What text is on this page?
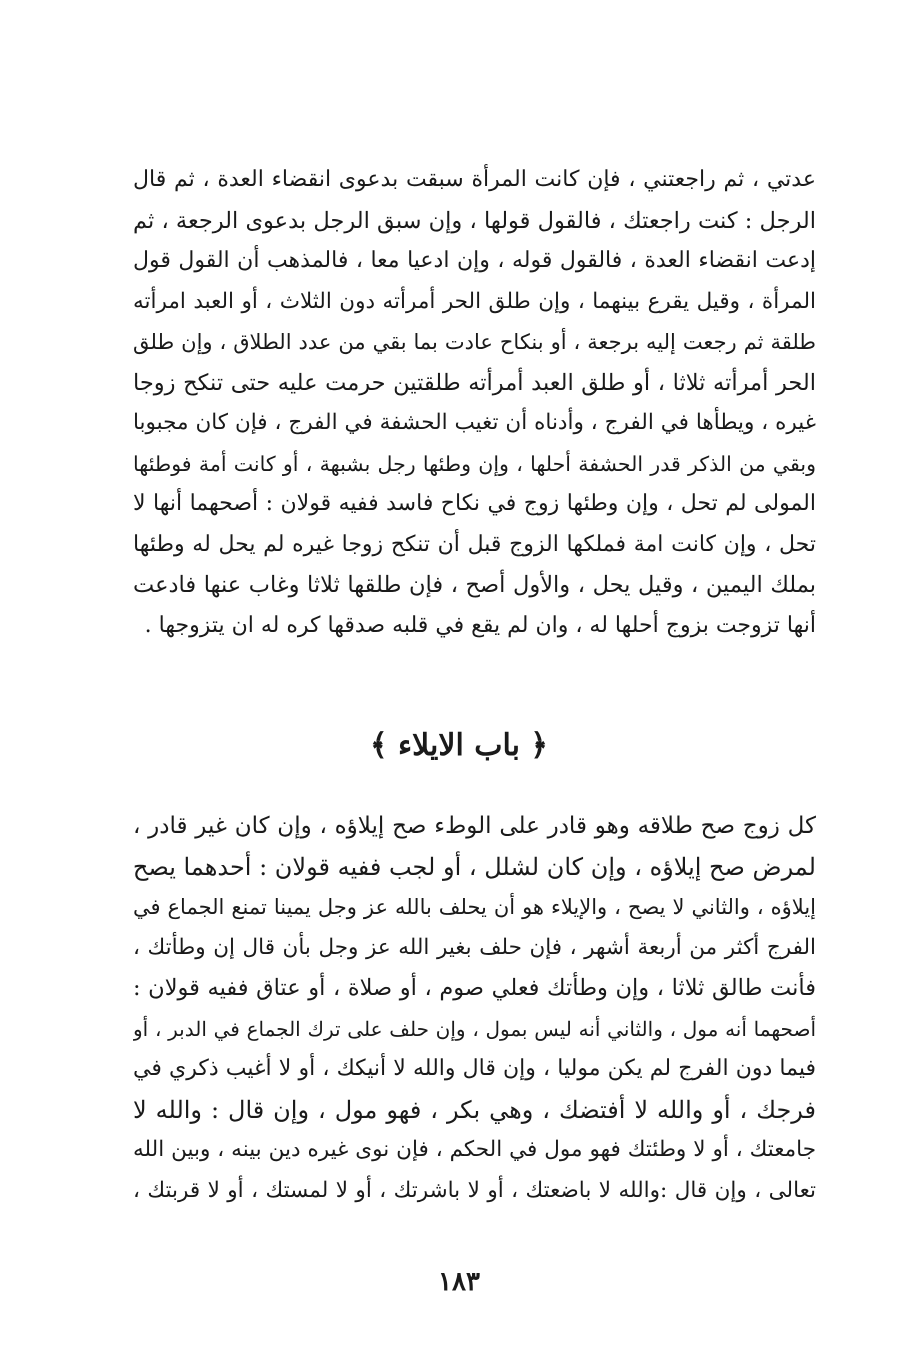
عدتي ، ثم راجعتني ، فإن كانت المرأة سبقت بدعوى انقضاء العدة ، ثم قال
الرجل : كنت راجعتك ، فالقول قولها ، وإن سبق الرجل بدعوى الرجعة ، ثم
إدعت انقضاء العدة ، فالقول قوله ، وإن ادعيا معا ، فالمذهب أن القول قول
المرأة ، وقيل يقرع بينهما ، وإن طلق الحر أمرأته دون الثلاث ، أو العبد امرأته
طلقة ثم رجعت إليه برجعة ، أو بنكاح عادت بما بقي من عدد الطلاق ، وإن طلق
الحر أمرأته ثلاثا ، أو طلق العبد أمرأته طلقتين حرمت عليه حتى تنكح زوجا
غيره ، ويطأها في الفرج ، وأدناه أن تغيب الحشفة في الفرج ، فإن كان مجبوبا
وبقي من الذكر قدر الحشفة أحلها ، وإن وطئها رجل بشبهة ، أو كانت أمة فوطئها
المولى لم تحل ، وإن وطئها زوج في نكاح فاسد ففيه قولان : أصحهما أنها لا
تحل ، وإن كانت امة فملكها الزوج قبل أن تنكح زوجا غيره لم يحل له وطئها
بملك اليمين ، وقيل يحل ، والأول أصح ، فإن طلقها ثلاثا وغاب عنها فادعت
أنها تزوجت بزوج أحلها له ، وان لم يقع في قلبه صدقها كره له ان يتزوجها .
﴿ باب الايلاء ﴾
كل زوج صح طلاقه وهو قادر على الوطء صح إيلاؤه ، وإن كان غير قادر ،
لمرض صح إيلاؤه ، وإن كان لشلل ، أو لجب ففيه قولان : أحدهما يصح
إيلاؤه ، والثاني لا يصح ، والإيلاء هو أن يحلف بالله عز وجل يمينا تمنع الجماع في
الفرج أكثر من أربعة أشهر ، فإن حلف بغير الله عز وجل بأن قال إن وطأتك ،
فأنت طالق ثلاثا ، وإن وطأتك فعلي صوم ، أو صلاة ، أو عتاق ففيه قولان :
أصحهما أنه مول ، والثاني أنه ليس بمول ، وإن حلف على ترك الجماع في الدبر ، أو
فيما دون الفرج لم يكن موليا ، وإن قال والله لا أنيكك ، أو لا أغيب ذكري في
فرجك ، أو والله لا أفتضك ، وهي بكر ، فهو مول ، وإن قال : والله لا
جامعتك ، أو لا وطئتك فهو مول في الحكم ، فإن نوى غيره دين بينه ، وبين الله
تعالى ، وإن قال :والله لا باضعتك ، أو لا باشرتك ، أو لا لمستك ، أو لا قربتك ،
١٨٣
